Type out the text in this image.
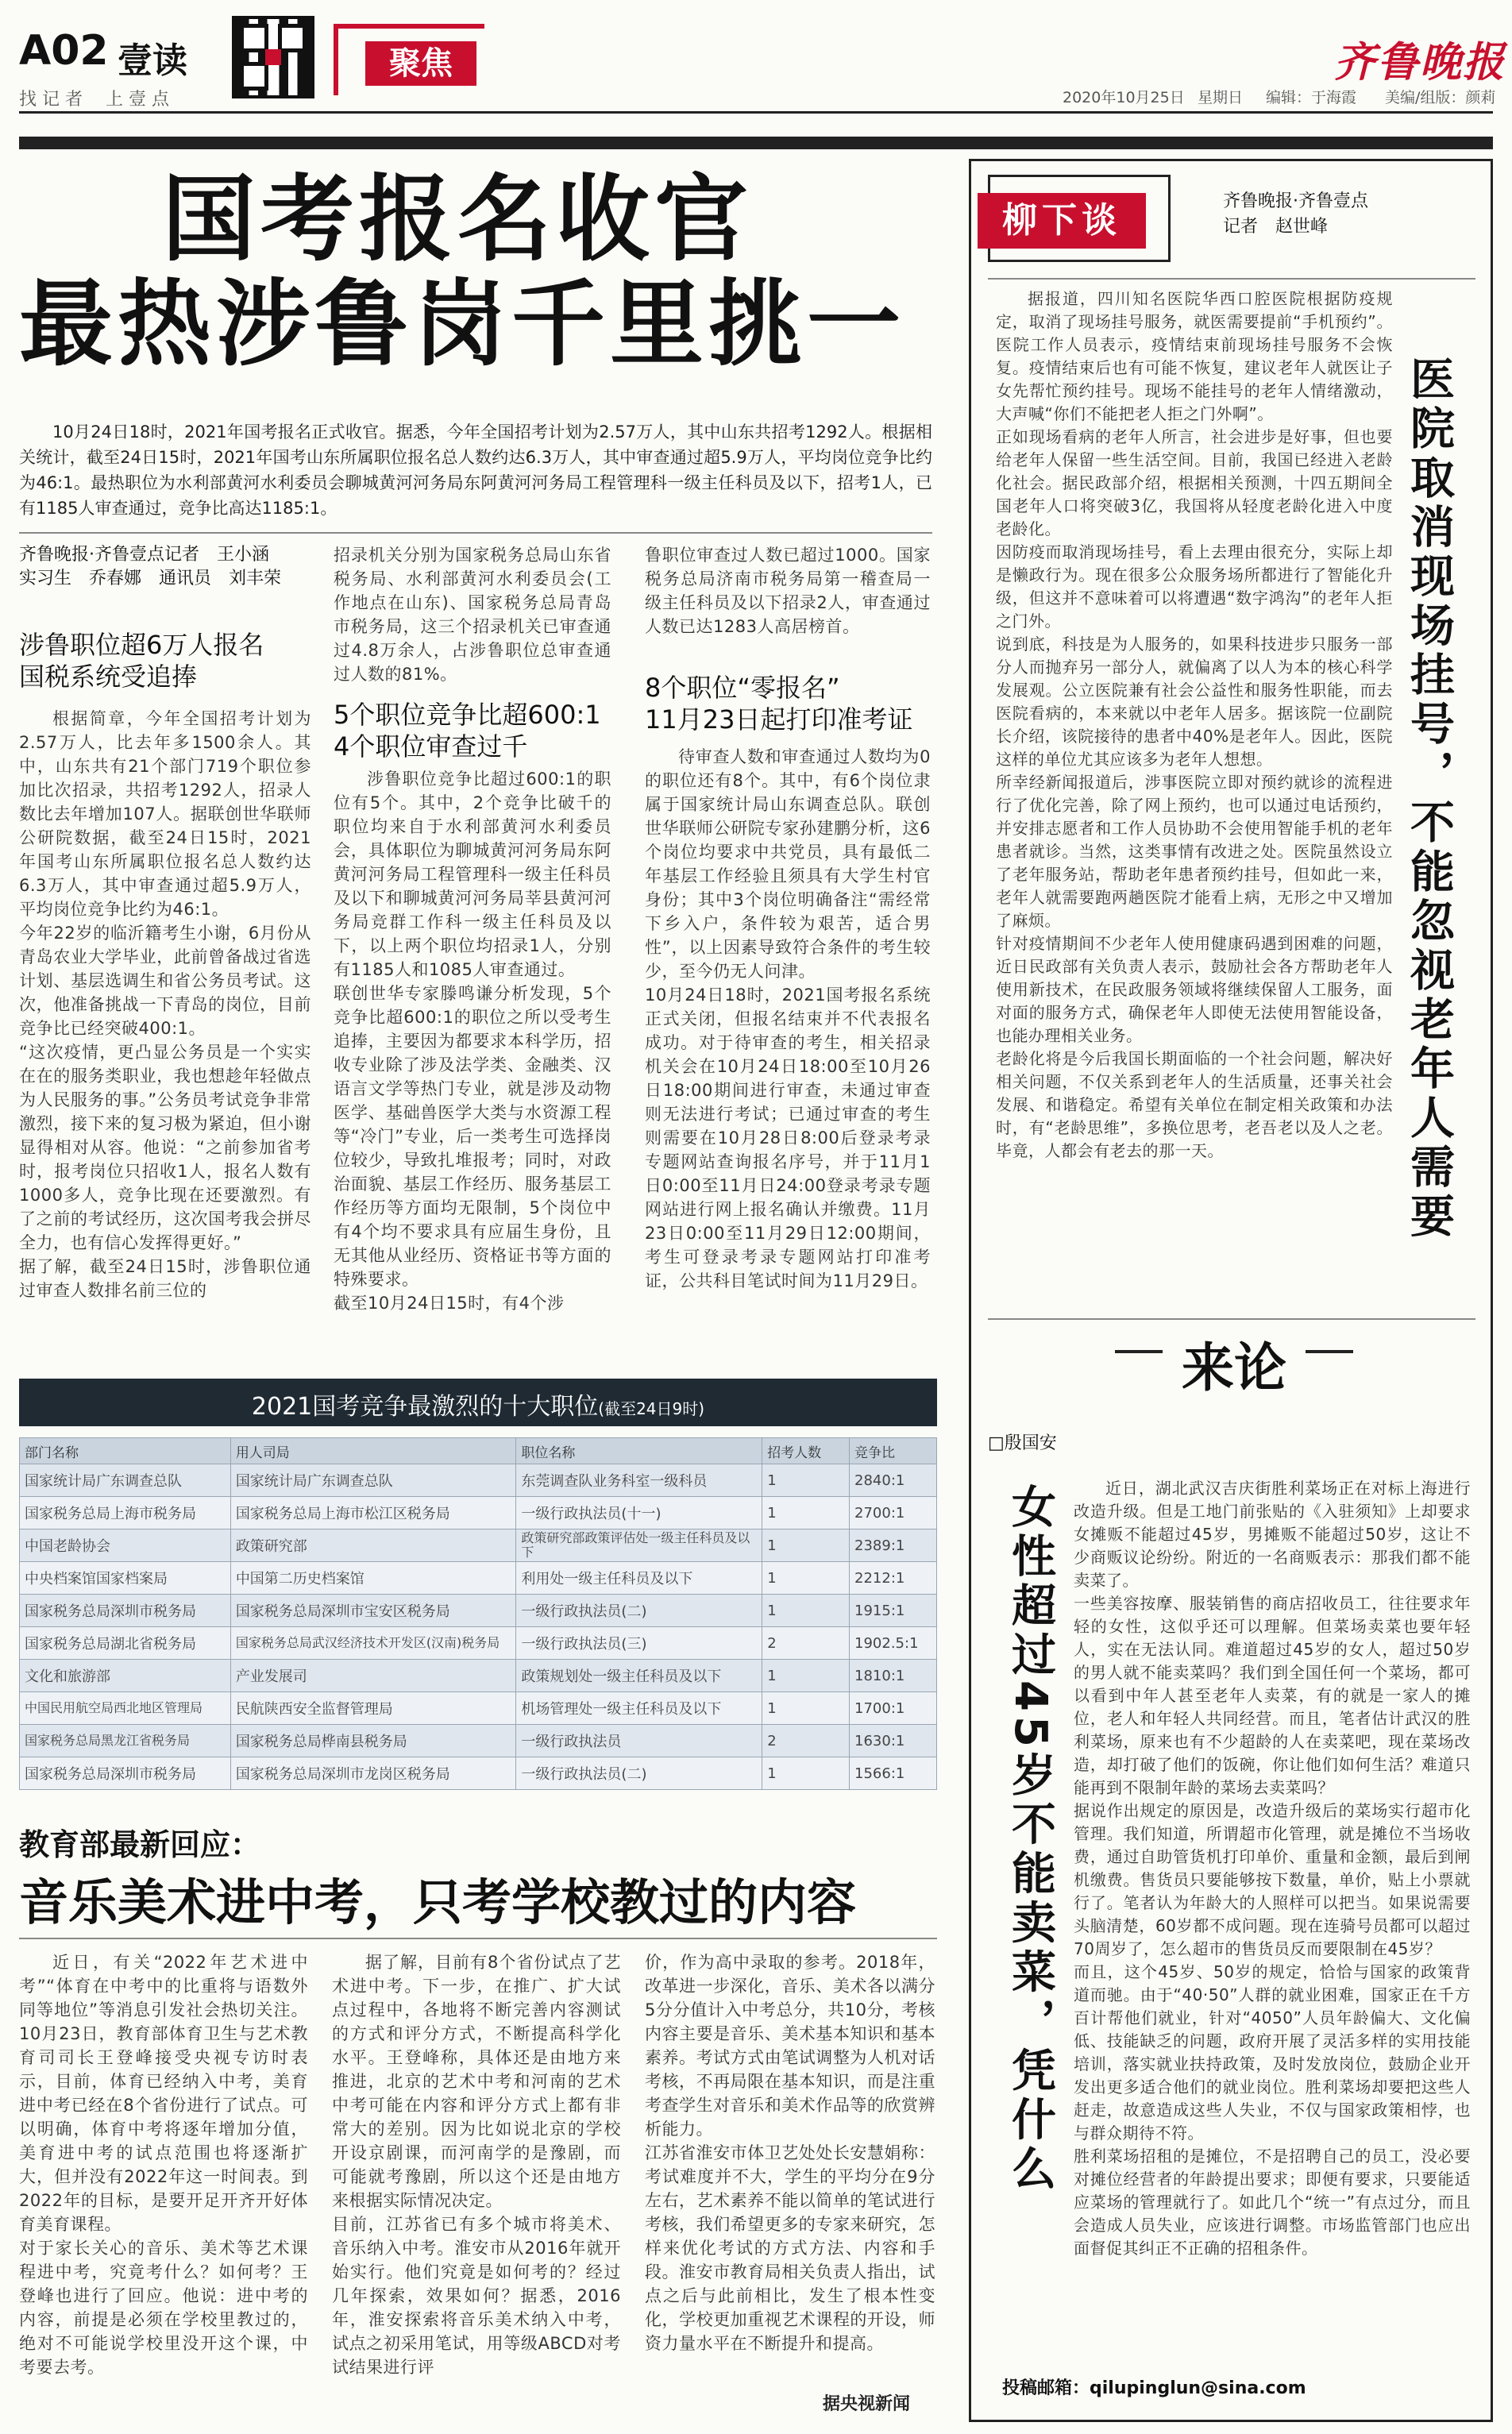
A02 壹读
找 记 者　 上 壹 点
聚焦	齐鲁晚报
2020年10月25日 星期日 编辑：于海霞 美编/组版：颜莉
国考报名收官
最热涉鲁岗千里挑一
10月24日18时，2021年国考报名正式收官。据悉，今年全国招考计划为2.57万人，其中山东共招考1292人。根据相关统计，截至24日15时，2021年国考山东所属职位报名总人数约达6.3万人，其中审查通过超5.9万人，平均岗位竞争比约为46:1。最热职位为水利部黄河水利委员会聊城黄河河务局东阿黄河河务局工程管理科一级主任科员及以下，招考1人，已有1185人审查通过，竞争比高达1185:1。
齐鲁晚报·齐鲁壹点记者　王小涵
实习生　乔春娜　通讯员　刘丰荣
涉鲁职位超6万人报名
国税系统受追捧
根据简章，今年全国招考计划为2.57万人，比去年多1500余人。其中，山东共有21个部门719个职位参加比次招录，共招考1292人，招录人数比去年增加107人。据联创世华联师公研院数据，截至24日15时，2021年国考山东所属职位报名总人数约达6.3万人，其中审查通过超5.9万人，平均岗位竞争比约为46:1。
今年22岁的临沂籍考生小谢，6月份从青岛农业大学毕业，此前曾备战过省选计划、基层选调生和省公务员考试。这次，他准备挑战一下青岛的岗位，目前竞争比已经突破400:1。
“这次疫情，更凸显公务员是一个实实在在的服务类职业，我也想趁年轻做点为人民服务的事。”公务员考试竞争非常激烈，接下来的复习极为紧迫，但小谢显得相对从容。他说：“之前参加省考时，报考岗位只招收1人，报名人数有1000多人，竞争比现在还要激烈。有了之前的考试经历，这次国考我会拼尽全力，也有信心发挥得更好。”
据了解，截至24日15时，涉鲁职位通过审查人数排名前三位的
招录机关分别为国家税务总局山东省税务局、水利部黄河水利委员会(工作地点在山东)、国家税务总局青岛市税务局，这三个招录机关已审查通过4.8万余人，占涉鲁职位总审查通过人数的81%。
5个职位竞争比超600:1
4个职位审查过千
涉鲁职位竞争比超过600:1的职位有5个。其中，2个竞争比破千的职位均来自于水利部黄河水利委员会，具体职位为聊城黄河河务局东阿黄河河务局工程管理科一级主任科员及以下和聊城黄河河务局莘县黄河河务局竞群工作科一级主任科员及以下，以上两个职位均招录1人，分别有1185人和1085人审查通过。
联创世华专家滕鸣谦分析发现，5个竞争比超600:1的职位之所以受考生追捧，主要因为都要求本科学历，招收专业除了涉及法学类、金融类、汉语言文学等热门专业，就是涉及动物医学、基础兽医学大类与水资源工程等“冷门”专业，后一类考生可选择岗位较少，导致扎堆报考；同时，对政治面貌、基层工作经历、服务基层工作经历等方面均无限制，5个岗位中有4个均不要求具有应届生身份，且无其他从业经历、资格证书等方面的特殊要求。
截至10月24日15时，有4个涉
鲁职位审查过人数已超过1000。国家税务总局济南市税务局第一稽查局一级主任科员及以下招录2人，审查通过人数已达1283人高居榜首。
8个职位“零报名”
11月23日起打印准考证
待审查人数和审查通过人数均为0的职位还有8个。其中，有6个岗位隶属于国家统计局山东调查总队。联创世华联师公研院专家孙建鹏分析，这6个岗位均要求中共党员，具有最低二年基层工作经验且须具有大学生村官身份；其中3个岗位明确备注“需经常下乡入户，条件较为艰苦，适合男性”，以上因素导致符合条件的考生较少，至今仍无人问津。
10月24日18时，2021国考报名系统正式关闭，但报名结束并不代表报名成功。对于待审查的考生，相关招录机关会在10月24日18:00至10月26日18:00期间进行审查，未通过审查则无法进行考试；已通过审查的考生则需要在10月28日8:00后登录考录专题网站查询报名序号，并于11月1日0:00至11月日24:00登录考录专题网站进行网上报名确认并缴费。11月23日0:00至11月29日12:00期间，考生可登录考录专题网站打印准考证，公共科目笔试时间为11月29日。
2021国考竞争最激烈的十大职位(截至24日9时)
部门名称	用人司局	职位名称	招考人数	竞争比
国家统计局广东调查总队	国家统计局广东调查总队	东莞调查队业务科室一级科员	1	2840:1
国家税务总局上海市税务局	国家税务总局上海市松江区税务局	一级行政执法员(十一)	1	2700:1
中国老龄协会	政策研究部	政策研究部政策评估处一级主任科员及以下	1	2389:1
中央档案馆国家档案局	中国第二历史档案馆	利用处一级主任科员及以下	1	2212:1
国家税务总局深圳市税务局	国家税务总局深圳市宝安区税务局	一级行政执法员(二)	1	1915:1
国家税务总局湖北省税务局	国家税务总局武汉经济技术开发区(汉南)税务局	一级行政执法员(三)	2	1902.5:1
文化和旅游部	产业发展司	政策规划处一级主任科员及以下	1	1810:1
中国民用航空局西北地区管理局	民航陕西安全监督管理局	机场管理处一级主任科员及以下	1	1700:1
国家税务总局黑龙江省税务局	国家税务总局桦南县税务局	一级行政执法员	2	1630:1
国家税务总局深圳市税务局	国家税务总局深圳市龙岗区税务局	一级行政执法员(二)	1	1566:1
教育部最新回应：
音乐美术进中考，只考学校教过的内容
近日，有关“2022年艺术进中考”“体育在中考中的比重将与语数外同等地位”等消息引发社会热切关注。10月23日，教育部体育卫生与艺术教育司司长王登峰接受央视专访时表示，目前，体育已经纳入中考，美育进中考已经在8个省份进行了试点。可以明确，体育中考将逐年增加分值，美育进中考的试点范围也将逐渐扩大，但并没有2022年这一时间表。到2022年的目标，是要开足开齐开好体育美育课程。
对于家长关心的音乐、美术等艺术课程进中考，究竟考什么？如何考？王登峰也进行了回应。他说：进中考的内容，前提是必须在学校里教过的，绝对不可能说学校里没开这个课，中考要去考。
据了解，目前有8个省份试点了艺术进中考。下一步，在推广、扩大试点过程中，各地将不断完善内容测试的方式和评分方式，不断提高科学化水平。王登峰称，具体还是由地方来推进，北京的艺术中考和河南的艺术中考可能在内容和评分方式上都有非常大的差别。因为比如说北京的学校开设京剧课，而河南学的是豫剧，而可能就考豫剧，所以这个还是由地方来根据实际情况决定。
目前，江苏省已有多个城市将美术、音乐纳入中考。淮安市从2016年就开始实行。他们究竟是如何考的？经过几年探索，效果如何？据悉，2016年，淮安探索将音乐美术纳入中考，试点之初采用笔试，用等级ABCD对考试结果进行评
价，作为高中录取的参考。2018年，改革进一步深化，音乐、美术各以满分5分分值计入中考总分，共10分，考核内容主要是音乐、美术基本知识和基本素养。考试方式由笔试调整为人机对话考核，不再局限在基本知识，而是注重考查学生对音乐和美术作品等的欣赏辨析能力。
江苏省淮安市体卫艺处处长安慧娟称：考试难度并不大，学生的平均分在9分左右，艺术素养不能以简单的笔试进行考核，我们希望更多的专家来研究，怎样来优化考试的方式方法、内容和手段。淮安市教育局相关负责人指出，试点之后与此前相比，发生了根本性变化，学校更加重视艺术课程的开设，师资力量水平在不断提升和提高。
据央视新闻
柳下谈	齐鲁晚报·齐鲁壹点
记者　赵世峰
据报道，四川知名医院华西口腔医院根据防疫规定，取消了现场挂号服务，就医需要提前“手机预约”。医院工作人员表示，疫情结束前现场挂号服务不会恢复。疫情结束后也有可能不恢复，建议老年人就医让子女先帮忙预约挂号。现场不能挂号的老年人情绪激动，大声喊“你们不能把老人拒之门外啊”。
正如现场看病的老年人所言，社会进步是好事，但也要给老年人保留一些生活空间。目前，我国已经进入老龄化社会。据民政部介绍，根据相关预测，十四五期间全国老年人口将突破3亿，我国将从轻度老龄化进入中度老龄化。
因防疫而取消现场挂号，看上去理由很充分，实际上却是懒政行为。现在很多公众服务场所都进行了智能化升级，但这并不意味着可以将遭遇“数字鸿沟”的老年人拒之门外。
说到底，科技是为人服务的，如果科技进步只服务一部分人而抛弃另一部分人，就偏离了以人为本的核心科学发展观。公立医院兼有社会公益性和服务性职能，而去医院看病的，本来就以中老年人居多。据该院一位副院长介绍，该院接待的患者中40%是老年人。因此，医院这样的单位尤其应该多为老年人想想。
所幸经新闻报道后，涉事医院立即对预约就诊的流程进行了优化完善，除了网上预约，也可以通过电话预约，并安排志愿者和工作人员协助不会使用智能手机的老年患者就诊。当然，这类事情有改进之处。医院虽然设立了老年服务站，帮助老年患者预约挂号，但如此一来，老年人就需要跑两趟医院才能看上病，无形之中又增加了麻烦。
针对疫情期间不少老年人使用健康码遇到困难的问题，近日民政部有关负责人表示，鼓励社会各方帮助老年人使用新技术，在民政服务领域将继续保留人工服务，面对面的服务方式，确保老年人即使无法使用智能设备，也能办理相关业务。
老龄化将是今后我国长期面临的一个社会问题，解决好相关问题，不仅关系到老年人的生活质量，还事关社会发展、和谐稳定。希望有关单位在制定相关政策和办法时，有“老龄思维”，多换位思考，老吾老以及人之老。毕竟，人都会有老去的那一天。	医院取消现场挂号，不能忽视老年人需要
来论
□殷国安
女性超过45岁不能卖菜，凭什么	近日，湖北武汉吉庆街胜利菜场正在对标上海进行改造升级。但是工地门前张贴的《入驻须知》上却要求女摊贩不能超过45岁，男摊贩不能超过50岁，这让不少商贩议论纷纷。附近的一名商贩表示：那我们都不能卖菜了。
一些美容按摩、服装销售的商店招收员工，往往要求年轻的女性，这似乎还可以理解。但菜场卖菜也要年轻人，实在无法认同。难道超过45岁的女人，超过50岁的男人就不能卖菜吗？我们到全国任何一个菜场，都可以看到中年人甚至老年人卖菜，有的就是一家人的摊位，老人和年轻人共同经营。而且，笔者估计武汉的胜利菜场，原来也有不少超龄的人在卖菜吧，现在菜场改造，却打破了他们的饭碗，你让他们如何生活？难道只能再到不限制年龄的菜场去卖菜吗？
据说作出规定的原因是，改造升级后的菜场实行超市化管理。我们知道，所谓超市化管理，就是摊位不当场收费，通过自助管货机打印单价、重量和金额，最后到闸机缴费。售货员只要能够按下数量，单价，贴上小票就行了。笔者认为年龄大的人照样可以把当。如果说需要头脑清楚，60岁都不成问题。现在连骑号员都可以超过70周岁了，怎么超市的售货员反而要限制在45岁？
而且，这个45岁、50岁的规定，恰恰与国家的政策背道而驰。由于“40·50”人群的就业困难，国家正在千方百计帮他们就业，针对“4050”人员年龄偏大、文化偏低、技能缺乏的问题，政府开展了灵活多样的实用技能培训，落实就业扶持政策，及时发放岗位，鼓励企业开发出更多适合他们的就业岗位。胜利菜场却要把这些人赶走，故意造成这些人失业，不仅与国家政策相悖，也与群众期待不符。
胜利菜场招租的是摊位，不是招聘自己的员工，没必要对摊位经营者的年龄提出要求；即便有要求，只要能适应菜场的管理就行了。如此几个“统一”有点过分，而且会造成人员失业，应该进行调整。市场监管部门也应出面督促其纠正不正确的招租条件。
投稿邮箱：qilupinglun@sina.com
